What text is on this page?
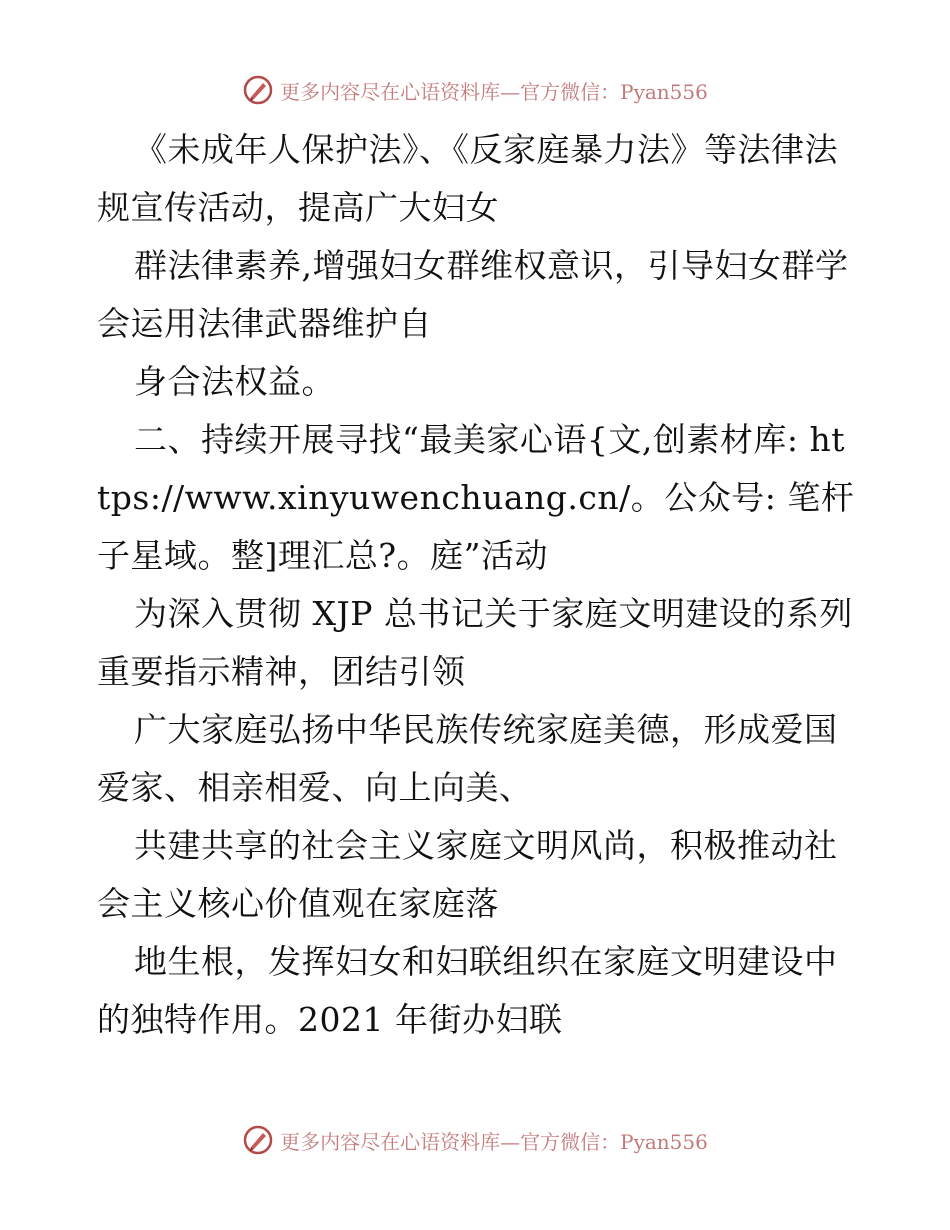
更多内容尽在心语资料库—官方微信：Pyan556

《未成年人保护法》、《反家庭暴力法》等法律法规宣传活动，提高广大妇女

群法律素养,增强妇女群维权意识，引导妇女群学会运用法律武器维护自

身合法权益。

二、持续开展寻找“最美家心语{文,创素材库: https://www.xinyuwenchuang.cn/。公众号: 笔杆子星域。整]理汇总?。庭”活动

为深入贯彻 XJP 总书记关于家庭文明建设的系列重要指示精神，团结引领

广大家庭弘扬中华民族传统家庭美德，形成爱国爱家、相亲相爱、向上向美、

共建共享的社会主义家庭文明风尚，积极推动社会主义核心价值观在家庭落

地生根，发挥妇女和妇联组织在家庭文明建设中的独特作用。2021 年街办妇联

更多内容尽在心语资料库—官方微信：Pyan556
